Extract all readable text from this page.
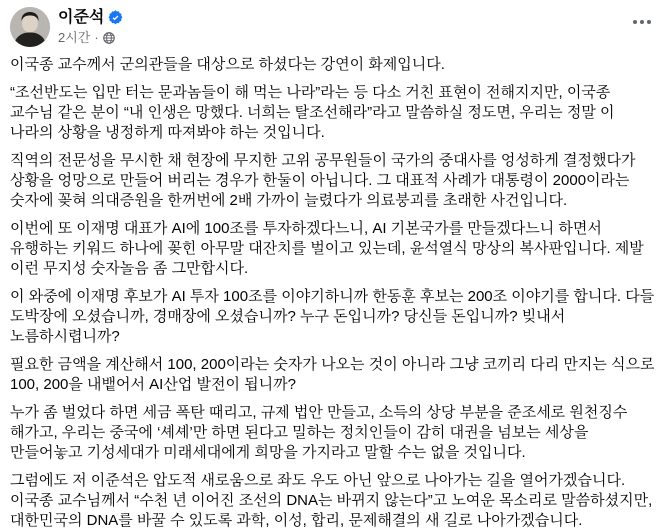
이준석
2시간 ·

이국종 교수께서 군의관들을 대상으로 하셨다는 강연이 화제입니다.

“조선반도는 입만 터는 문과놈들이 해 먹는 나라”라는 등 다소 거친 표현이 전해지지만, 이국종 교수님 같은 분이 “내 인생은 망했다. 너희는 탈조선해라”라고 말씀하실 정도면, 우리는 정말 이 나라의 상황을 냉정하게 따져봐야 하는 것입니다.

직역의 전문성을 무시한 채 현장에 무지한 고위 공무원들이 국가의 중대사를 엉성하게 결정했다가 상황을 엉망으로 만들어 버리는 경우가 한둘이 아닙니다. 그 대표적 사례가 대통령이 2000이라는 숫자에 꽂혀 의대증원을 한꺼번에 2배 가까이 늘렸다가 의료붕괴를 초래한 사건입니다.

이번에 또 이재명 대표가 AI에 100조를 투자하겠다느니, AI 기본국가를 만들겠다느니 하면서 유행하는 키워드 하나에 꽂힌 아무말 대잔치를 벌이고 있는데, 윤석열식 망상의 복사판입니다. 제발 이런 무지성 숫자놀음 좀 그만합시다.

이 와중에 이재명 후보가 AI 투자 100조를 이야기하니까 한동훈 후보는 200조 이야기를 합니다. 다들 도박장에 오셨습니까, 경매장에 오셨습니까? 누구 돈입니까? 당신들 돈입니까? 빚내서 노름하시렵니까?

필요한 금액을 계산해서 100, 200이라는 숫자가 나오는 것이 아니라 그냥 코끼리 다리 만지는 식으로 100, 200을 내뱉어서 AI산업 발전이 됩니까?

누가 좀 벌었다 하면 세금 폭탄 때리고, 규제 법안 만들고, 소득의 상당 부분을 준조세로 원천징수 해가고, 우리는 중국에 ‘셰셰’만 하면 된다고 밀하는 정치인들이 감히 대권을 넘보는 세상을 만들어놓고 기성세대가 미래세대에게 희망을 가지라고 말할 수는 없을 것입니다.

그럼에도 저 이준석은 압도적 새로움으로 좌도 우도 아닌 앞으로 나아가는 길을 열어가겠습니다. 이국종 교수님께서 “수천 년 이어진 조선의 DNA는 바뀌지 않는다”고 노여운 목소리로 말씀하셨지만, 대한민국의 DNA를 바꿀 수 있도록 과학, 이성, 합리, 문제해결의 새 길로 나아가겠습니다.
